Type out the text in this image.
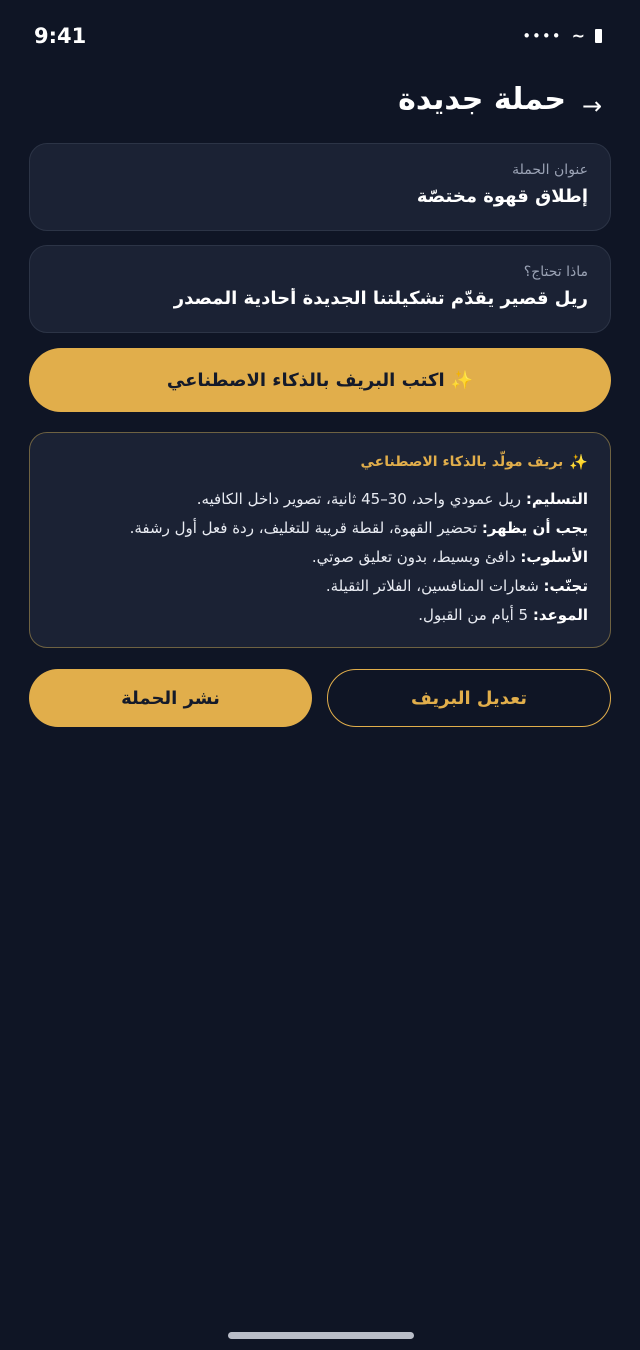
9:41	•••• ~
→
حملة جديدة
عنوان الحملة
إطلاق قهوة مختصّة
ماذا تحتاج؟
ريل قصير يقدّم تشكيلتنا الجديدة أحادية المصدر
✨
اكتب البريف بالذكاء الاصطناعي
✨
بريف مولّد بالذكاء الاصطناعي
التسليم: ريل عمودي واحد، 30–45 ثانية، تصوير داخل الكافيه.
يجب أن يظهر: تحضير القهوة، لقطة قريبة للتغليف، ردة فعل أول رشفة.
الأسلوب: دافئ وبسيط، بدون تعليق صوتي.
تجنّب: شعارات المنافسين، الفلاتر الثقيلة.
الموعد: 5 أيام من القبول.
تعديل البريف
نشر الحملة
